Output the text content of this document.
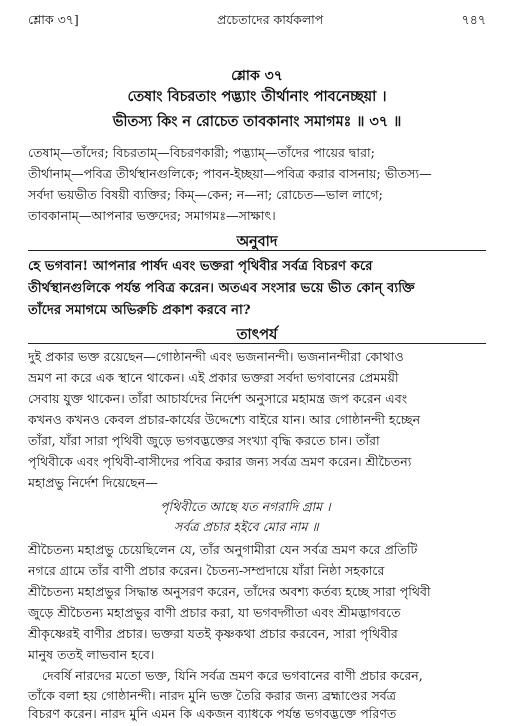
শ্লোক ৩৭]	প্রচেতাদের কার্যকলাপ	৭৪৭
শ্লোক ৩৭
তেষাং বিচরতাং পদ্ভ্যাং তীর্থানাং পাবনেচ্ছয়া ।
ভীতস্য কিং ন রোচেত তাবকানাং সমাগমঃ ॥ ৩৭ ॥
তেষাম্—তাঁদের; বিচরতাম্—বিচরণকারী; পদ্ভ্যাম্—তাঁদের পায়ের দ্বারা;
তীর্থানাম্—পবিত্র তীর্থস্থানগুলিকে; পাবন-ইচ্ছয়া—পবিত্র করার বাসনায়; ভীতস্য—
সর্বদা ভয়ভীত বিষয়ী ব্যক্তির; কিম্—কেন; ন—না; রোচেত—ভাল লাগে;
তাবকানাম্—আপনার ভক্তদের; সমাগমঃ—সাক্ষাৎ।
অনুবাদ
হে ভগবান! আপনার পার্ষদ এবং ভক্তরা পৃথিবীর সর্বত্র বিচরণ করে
তীর্থস্থানগুলিকে পর্যন্ত পবিত্র করেন। অতএব সংসার ভয়ে ভীত কোন্ ব্যক্তি
তাঁদের সমাগমে অভিরুচি প্রকাশ করবে না?
তাৎপর্য
দুই প্রকার ভক্ত রয়েছেন—গোষ্ঠানন্দী এবং ভজনানন্দী। ভজনানন্দীরা কোথাও
ভ্রমণ না করে এক স্থানে থাকেন। এই প্রকার ভক্তরা সর্বদা ভগবানের প্রেমময়ী
সেবায় যুক্ত থাকেন। তাঁরা আচার্যদের নির্দেশ অনুসারে মহামন্ত্র জপ করেন এবং
কখনও কখনও কেবল প্রচার-কার্যের উদ্দেশ্যে বাইরে যান। আর গোষ্ঠানন্দী হচ্ছেন
তাঁরা, যাঁরা সারা পৃথিবী জুড়ে ভগবদ্ভক্তের সংখ্যা বৃদ্ধি করতে চান। তাঁরা
পৃথিবীকে এবং পৃথিবী-বাসীদের পবিত্র করার জন্য সর্বত্র ভ্রমণ করেন। শ্রীচৈতন্য
মহাপ্রভু নির্দেশ দিয়েছেন—
পৃথিবীতে আছে যত নগরাদি গ্রাম ।
সর্বত্র প্রচার হইবে মোর নাম ॥
শ্রীচৈতন্য মহাপ্রভু চেয়েছিলেন যে, তাঁর অনুগামীরা যেন সর্বত্র ভ্রমণ করে প্রতিটি
নগরে গ্রামে তাঁর বাণী প্রচার করেন। চৈতন্য-সম্প্রদায়ে যাঁরা নিষ্ঠা সহকারে
শ্রীচৈতন্য মহাপ্রভুর সিদ্ধান্ত অনুসরণ করেন, তাঁদের অবশ্য কর্তব্য হচ্ছে সারা পৃথিবী
জুড়ে শ্রীচৈতন্য মহাপ্রভুর বাণী প্রচার করা, যা ভগবদ্গীতা এবং শ্রীমদ্ভাগবতে
শ্রীকৃষ্ণেরই বাণীর প্রচার। ভক্তরা যতই কৃষ্ণকথা প্রচার করবেন, সারা পৃথিবীর
মানুষ ততই লাভবান হবে।
দেবর্ষি নারদের মতো ভক্ত, যিনি সর্বত্র ভ্রমণ করে ভগবানের বাণী প্রচার করেন,
তাঁকে বলা হয় গোষ্ঠানন্দী। নারদ মুনি ভক্ত তৈরি করার জন্য ব্রহ্মাণ্ডের সর্বত্র
বিচরণ করেন। নারদ মুনি এমন কি একজন ব্যাধকে পর্যন্ত ভগবদ্ভক্তে পরিণত
